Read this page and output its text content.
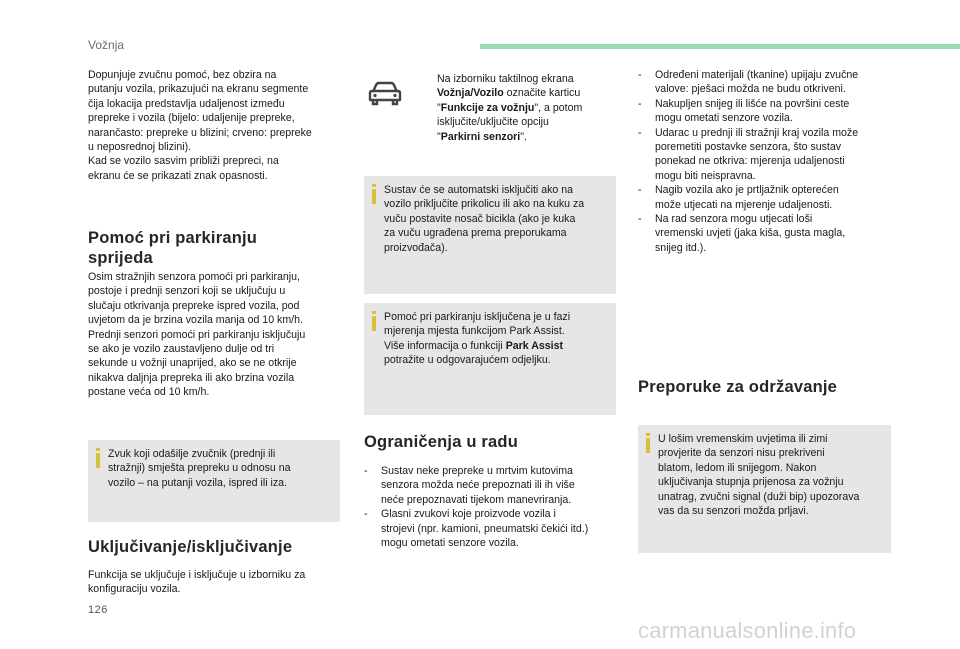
Vožnja

Dopunjuje zvučnu pomoć, bez obzira na

putanju vozila, prikazujući na ekranu segmente

čija lokacija predstavlja udaljenost između

prepreke i vozila (bijelo: udaljenije prepreke,

narančasto: prepreke u blizini; crveno: prepreke

u neposrednoj blizini).

Kad se vozilo sasvim približi prepreci, na

ekranu će se prikazati znak opasnosti.

Pomoć pri parkiranju
sprijeda

Osim stražnjih senzora pomoći pri parkiranju,

postoje i prednji senzori koji se uključuju u

slučaju otkrivanja prepreke ispred vozila, pod

uvjetom da je brzina vozila manja od 10 km/h.

Prednji senzori pomoći pri parkiranju isključuju

se ako je vozilo zaustavljeno dulje od tri

sekunde u vožnji unaprijed, ako se ne otkrije

nikakva daljnja prepreka ili ako brzina vozila

postane veća od 10 km/h.

Zvuk koji odašilje zvučnik (prednji ili

stražnji) smješta prepreku u odnosu na

vozilo – na putanji vozila, ispred ili iza.

Uključivanje/isključivanje

Funkcija se uključuje i isključuje u izborniku za

konfiguraciju vozila.

Na izborniku taktilnog ekrana
Vožnja/Vozilo označite karticu
"Funkcije za vožnju", a potom
isključite/uključite opciju
"Parkirni senzori".

Sustav će se automatski isključiti ako na

vozilo priključite prikolicu ili ako na kuku za

vuču postavite nosač bicikla (ako je kuka

za vuču ugrađena prema preporukama

proizvođača).

Pomoć pri parkiranju isključena je u fazi

mjerenja mjesta funkcijom Park Assist.

Više informacija o funkciji Park Assist

potražite u odgovarajućem odjeljku.

Ograničenja u radu
- Sustav neke prepreke u mrtvim kutovima
senzora možda neće prepoznati ili ih više
neće prepoznavati tijekom manevriranja.
- Glasni zvukovi koje proizvode vozila i
strojevi (npr. kamioni, pneumatski čekići itd.)
mogu ometati senzore vozila.
- Određeni materijali (tkanine) upijaju zvučne
valove: pješaci možda ne budu otkriveni.
- Nakupljen snijeg ili lišće na površini ceste
mogu ometati senzore vozila.
- Udarac u prednji ili stražnji kraj vozila može
poremetiti postavke senzora, što sustav
ponekad ne otkriva: mjerenja udaljenosti
mogu biti neispravna.
- Nagib vozila ako je prtljažnik opterećen
može utjecati na mjerenje udaljenosti.
- Na rad senzora mogu utjecati loši
vremenski uvjeti (jaka kiša, gusta magla,
snijeg itd.).
Preporuke za održavanje

U lošim vremenskim uvjetima ili zimi

provjerite da senzori nisu prekriveni

blatom, ledom ili snijegom. Nakon

uključivanja stupnja prijenosa za vožnju

unatrag, zvučni signal (duži bip) upozorava

vas da su senzori možda prljavi.

126
carmanualsonline.info
